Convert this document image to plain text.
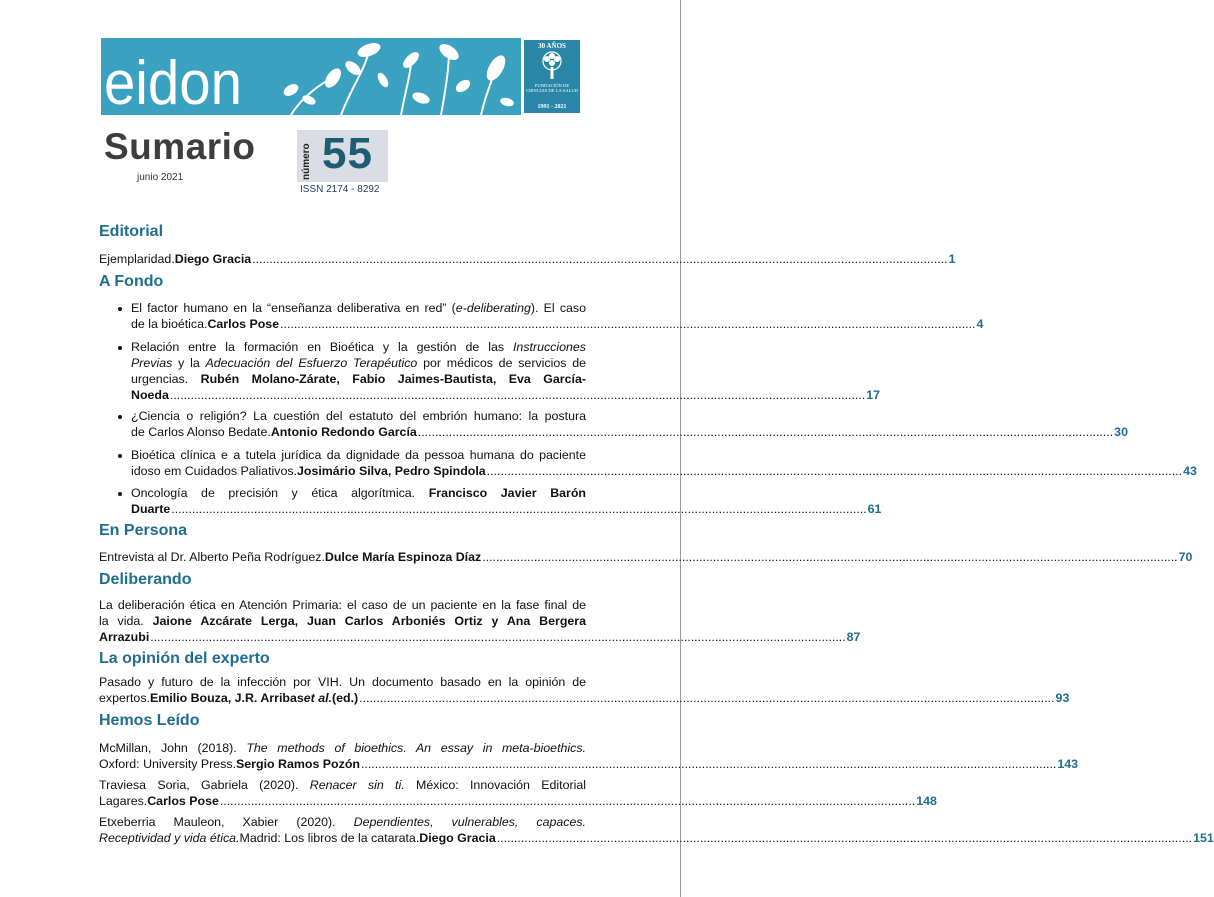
eidon
30 AÑOS
FUNDACIÓN DE CIENCIAS DE LA SALUD
1991 - 2021
Sumario
junio 2021	número 55
ISSN 2174 - 8292
Editorial
Ejemplaridad. Diego Gracia .......................................................................................................................................................................................................... 1
A Fondo
El factor humano en la “enseñanza deliberativa en red” (e-deliberating). El caso
de la bioética. Carlos Pose .......................................................................................................................................................................................................... 4
Relación entre la formación en Bioética y la gestión de las Instrucciones
Previas y la Adecuación del Esfuerzo Terapéutico por médicos de servicios de
urgencias. Rubén Molano-Zárate, Fabio Jaimes-Bautista, Eva García-
Noeda .......................................................................................................................................................................................................... 17
¿Ciencia o religión? La cuestión del estatuto del embrión humano: la postura
de Carlos Alonso Bedate. Antonio Redondo García .......................................................................................................................................................................................................... 30
Bioética clínica e a tutela jurídica da dignidade da pessoa humana do paciente
idoso em Cuidados Paliativos. Josimário Silva, Pedro Spindola .......................................................................................................................................................................................................... 43
Oncología de precisión y ética algorítmica. Francisco Javier Barón
Duarte .......................................................................................................................................................................................................... 61
En Persona
Entrevista al Dr. Alberto Peña Rodríguez. Dulce María Espinoza Díaz .......................................................................................................................................................................................................... 70
Deliberando
La deliberación ética en Atención Primaria: el caso de un paciente en la fase final de
la vida. Jaione Azcárate Lerga, Juan Carlos Arboniés Ortiz y Ana Bergera
Arrazubi .......................................................................................................................................................................................................... 87
La opinión del experto
Pasado y futuro de la infección por VIH. Un documento basado en la opinión de
expertos. Emilio Bouza, J.R. Arribas et al. (ed.) .......................................................................................................................................................................................................... 93
Hemos Leído
McMillan, John (2018). The methods of bioethics. An essay in meta-bioethics.
Oxford: University Press. Sergio Ramos Pozón .......................................................................................................................................................................................................... 143
Traviesa Soria, Gabriela (2020). Renacer sin ti. México: Innovación Editorial
Lagares. Carlos Pose .......................................................................................................................................................................................................... 148
Etxeberria Mauleon, Xabier (2020). Dependientes, vulnerables, capaces.
Receptividad y vida ética. Madrid: Los libros de la catarata. Diego Gracia .......................................................................................................................................................................................................... 151
